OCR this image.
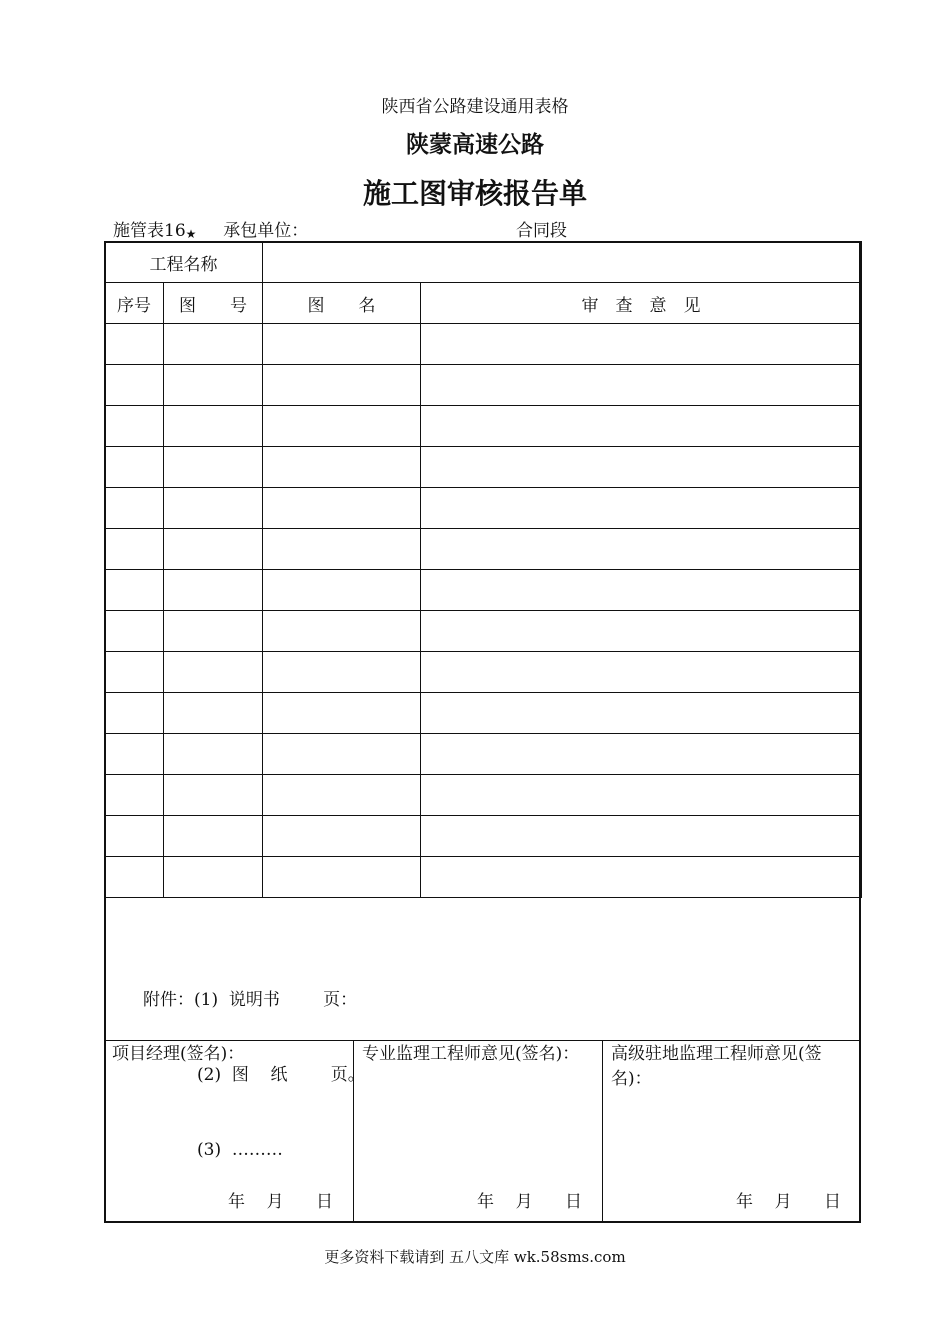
陕西省公路建设通用表格
陕蒙高速公路
施工图审核报告单
施管表16★ 承包单位：	合同段
工程名称			
序号	图　　号	图　　名	审　查　意　见

附件：(1)  说明书        页：

(2)  图    纸        页。

(3)  ………

项目经理(签名)：
年    月      日
专业监理工程师意见(签名)：
年    月      日
高级驻地监理工程师意见(签名)：
年    月      日
更多资料下载请到 五八文库 wk.58sms.com
